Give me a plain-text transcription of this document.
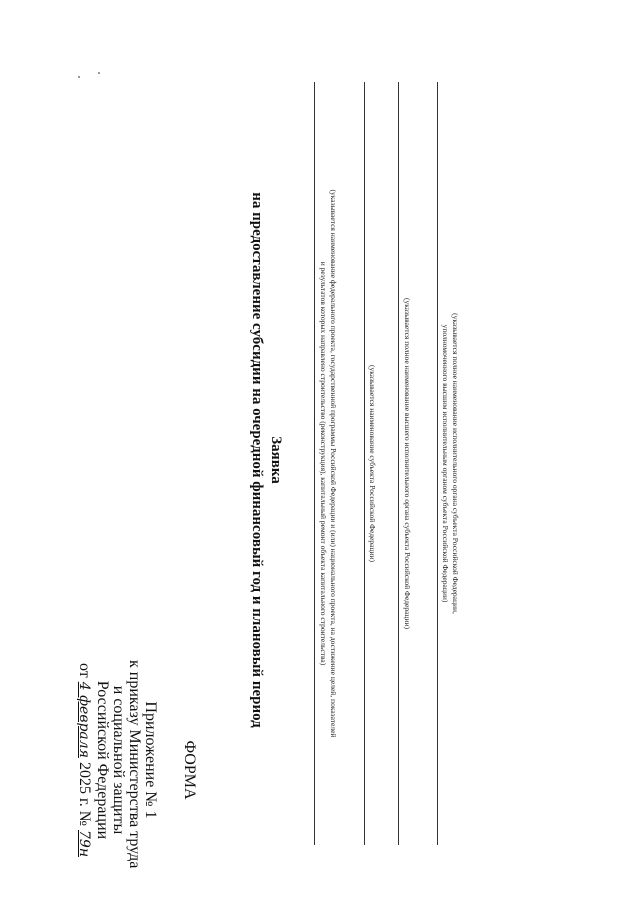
Приложение № 1
к приказу Министерства труда
и социальной защиты
Российской Федерации
от 4 февраля 2025 г. № 79н
ФОРМА
Заявка
на предоставление субсидии на очередной финансовый год и плановый период	(указывается наименование федерального проекта, государственной программы Российской Федерации и (или) национального проекта, на достижение целей, показателей
и результатов которых направлено строительство (реконструкция), капитальный ремонт объекта капитального строительства)	(указывается наименование субъекта Российской Федерации)	(указывается полное наименование высшего исполнительного органа субъекта Российской Федерации)	(указывается полное наименование исполнительного органа субъекта Российской Федерации,
уполномоченного высшим исполнительным органом субъекта Российской Федерации)
